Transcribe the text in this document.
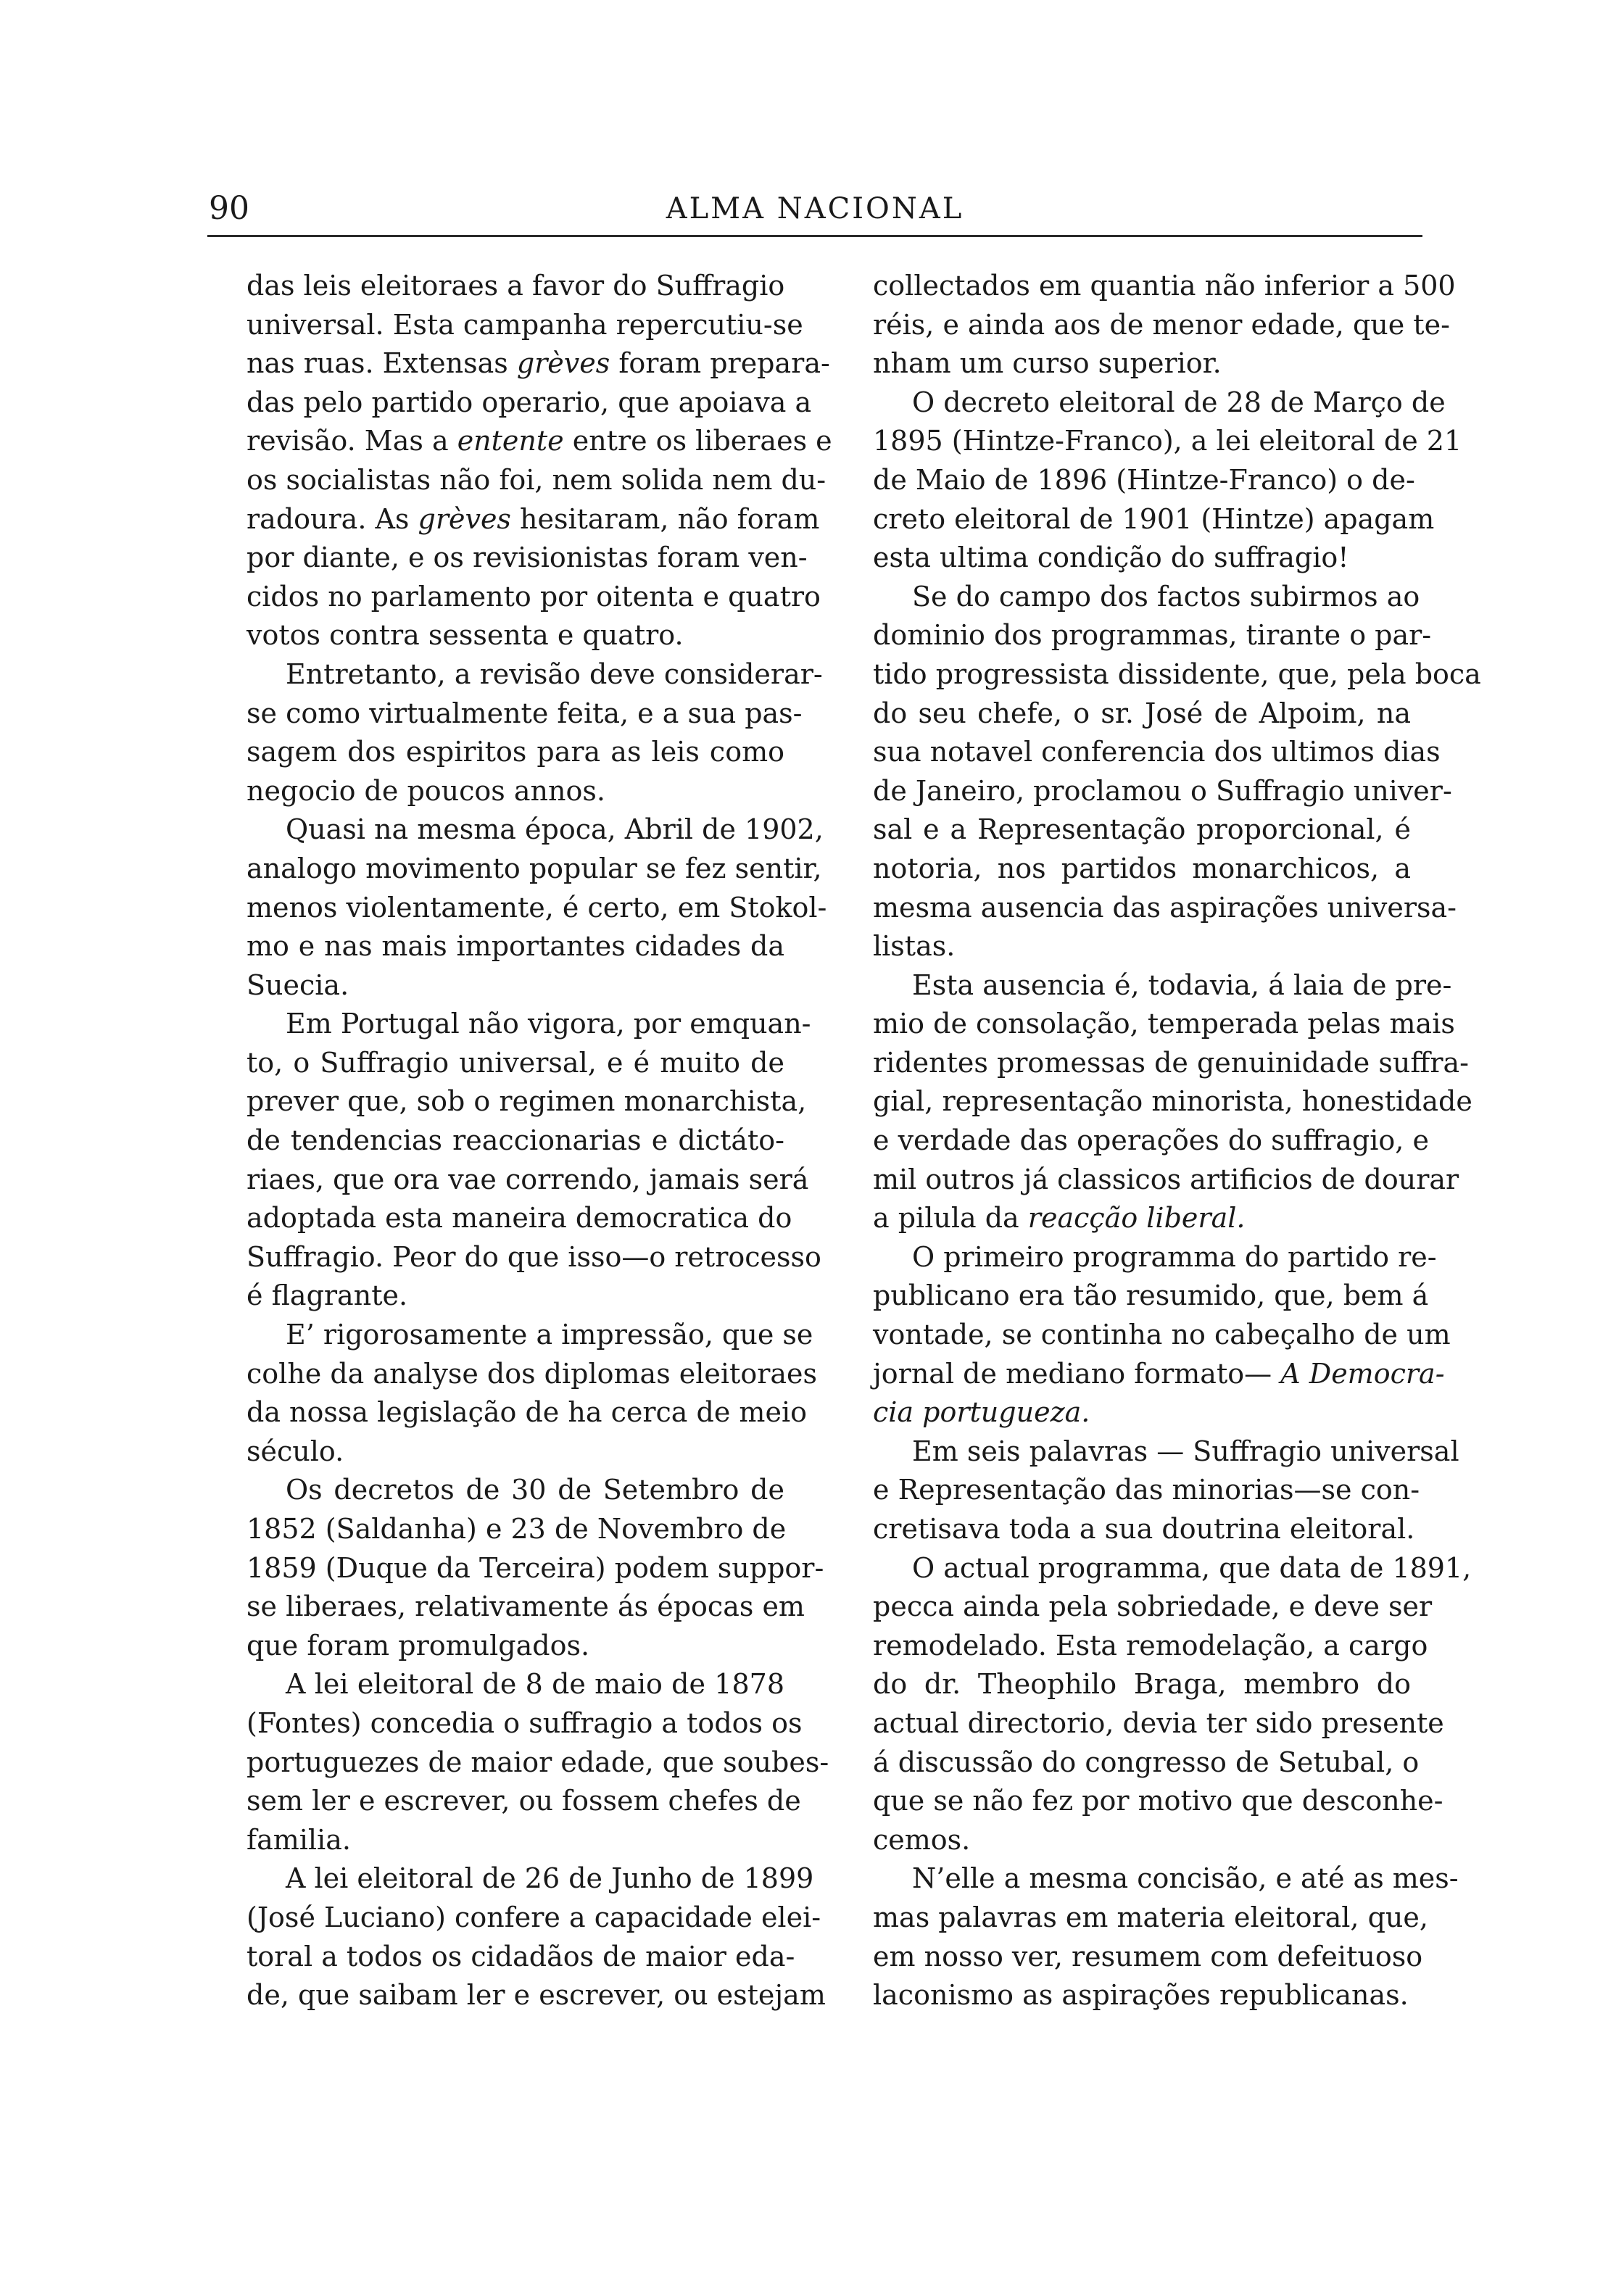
90	ALMA NACIONAL
das leis eleitoraes a favor do Suffragio
universal. Esta campanha repercutiu-se
nas ruas. Extensas grèves foram prepara-
das pelo partido operario, que apoiava a
revisão. Mas a entente entre os liberaes e
os socialistas não foi, nem solida nem du-
radoura. As grèves hesitaram, não foram
por diante, e os revisionistas foram ven-
cidos no parlamento por oitenta e quatro
votos contra sessenta e quatro.
Entretanto, a revisão deve considerar-
se como virtualmente feita, e a sua pas-
sagem dos espiritos para as leis como
negocio de poucos annos.
Quasi na mesma época, Abril de 1902,
analogo movimento popular se fez sentir,
menos violentamente, é certo, em Stokol-
mo e nas mais importantes cidades da
Suecia.
Em Portugal não vigora, por emquan-
to, o Suffragio universal, e é muito de
prever que, sob o regimen monarchista,
de tendencias reaccionarias e dictáto-
riaes, que ora vae correndo, jamais será
adoptada esta maneira democratica do
Suffragio. Peor do que isso—o retrocesso
é flagrante.
E’ rigorosamente a impressão, que se
colhe da analyse dos diplomas eleitoraes
da nossa legislação de ha cerca de meio
século.
Os decretos de 30 de Setembro de
1852 (Saldanha) e 23 de Novembro de
1859 (Duque da Terceira) podem suppor-
se liberaes, relativamente ás épocas em
que foram promulgados.
A lei eleitoral de 8 de maio de 1878
(Fontes) concedia o suffragio a todos os
portuguezes de maior edade, que soubes-
sem ler e escrever, ou fossem chefes de
familia.
A lei eleitoral de 26 de Junho de 1899
(José Luciano) confere a capacidade elei-
toral a todos os cidadãos de maior eda-
de, que saibam ler e escrever, ou estejam
collectados em quantia não inferior a 500
réis, e ainda aos de menor edade, que te-
nham um curso superior.
O decreto eleitoral de 28 de Março de
1895 (Hintze-Franco), a lei eleitoral de 21
de Maio de 1896 (Hintze-Franco) o de-
creto eleitoral de 1901 (Hintze) apagam
esta ultima condição do suffragio!
Se do campo dos factos subirmos ao
dominio dos programmas, tirante o par-
tido progressista dissidente, que, pela boca
do seu chefe, o sr. José de Alpoim, na
sua notavel conferencia dos ultimos dias
de Janeiro, proclamou o Suffragio univer-
sal e a Representação proporcional, é
notoria, nos partidos monarchicos, a
mesma ausencia das aspirações universa-
listas.
Esta ausencia é, todavia, á laia de pre-
mio de consolação, temperada pelas mais
ridentes promessas de genuinidade suffra-
gial, representação minorista, honestidade
e verdade das operações do suffragio, e
mil outros já classicos artificios de dourar
a pilula da reacção liberal.
O primeiro programma do partido re-
publicano era tão resumido, que, bem á
vontade, se continha no cabeçalho de um
jornal de mediano formato— A Democra-
cia portugueza.
Em seis palavras — Suffragio universal
e Representação das minorias—se con-
cretisava toda a sua doutrina eleitoral.
O actual programma, que data de 1891,
pecca ainda pela sobriedade, e deve ser
remodelado. Esta remodelação, a cargo
do dr. Theophilo Braga, membro do
actual directorio, devia ter sido presente
á discussão do congresso de Setubal, o
que se não fez por motivo que desconhe-
cemos.
N’elle a mesma concisão, e até as mes-
mas palavras em materia eleitoral, que,
em nosso ver, resumem com defeituoso
laconismo as aspirações republicanas.
